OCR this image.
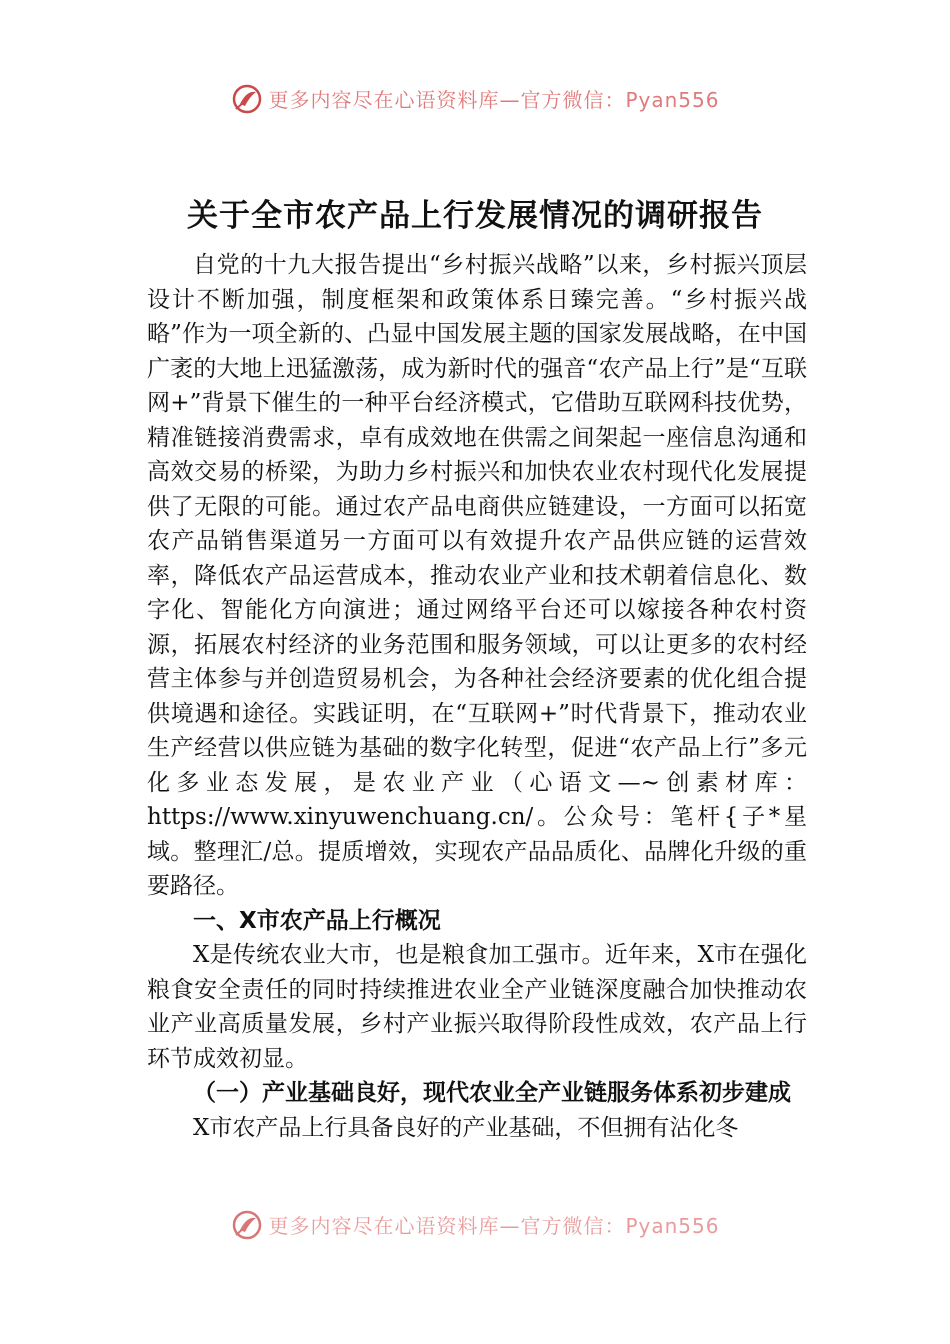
更多内容尽在心语资料库—官方微信：Pyan556
关于全市农产品上行发展情况的调研报告

自党的十九大报告提出“乡村振兴战略”以来，乡村振兴顶层设计不断加强，制度框架和政策体系日臻完善。“乡村振兴战略”作为一项全新的、凸显中国发展主题的国家发展战略，在中国广袤的大地上迅猛激荡，成为新时代的强音“农产品上行”是“互联网+”背景下催生的一种平台经济模式，它借助互联网科技优势，精准链接消费需求，卓有成效地在供需之间架起一座信息沟通和高效交易的桥梁，为助力乡村振兴和加快农业农村现代化发展提供了无限的可能。通过农产品电商供应链建设，一方面可以拓宽农产品销售渠道另一方面可以有效提升农产品供应链的运营效率，降低农产品运营成本，推动农业产业和技术朝着信息化、数字化、智能化方向演进；通过网络平台还可以嫁接各种农村资源，拓展农村经济的业务范围和服务领域，可以让更多的农村经营主体参与并创造贸易机会，为各种社会经济要素的优化组合提供境遇和途径。实践证明，在“互联网+”时代背景下，推动农业生产经营以供应链为基础的数字化转型，促进“农产品上行”多元化多业态发展，是农业产业（心语文—~创素材库：https://www.xinyuwenchuang.cn/。公众号：笔杆{子*星域。整理汇/总。提质增效，实现农产品品质化、品牌化升级的重要路径。

一、X市农产品上行概况

X是传统农业大市，也是粮食加工强市。近年来，X市在强化粮食安全责任的同时持续推进农业全产业链深度融合加快推动农业产业高质量发展，乡村产业振兴取得阶段性成效，农产品上行环节成效初显。

（一）产业基础良好，现代农业全产业链服务体系初步建成

X市农产品上行具备良好的产业基础，不但拥有沾化冬

更多内容尽在心语资料库—官方微信：Pyan556
